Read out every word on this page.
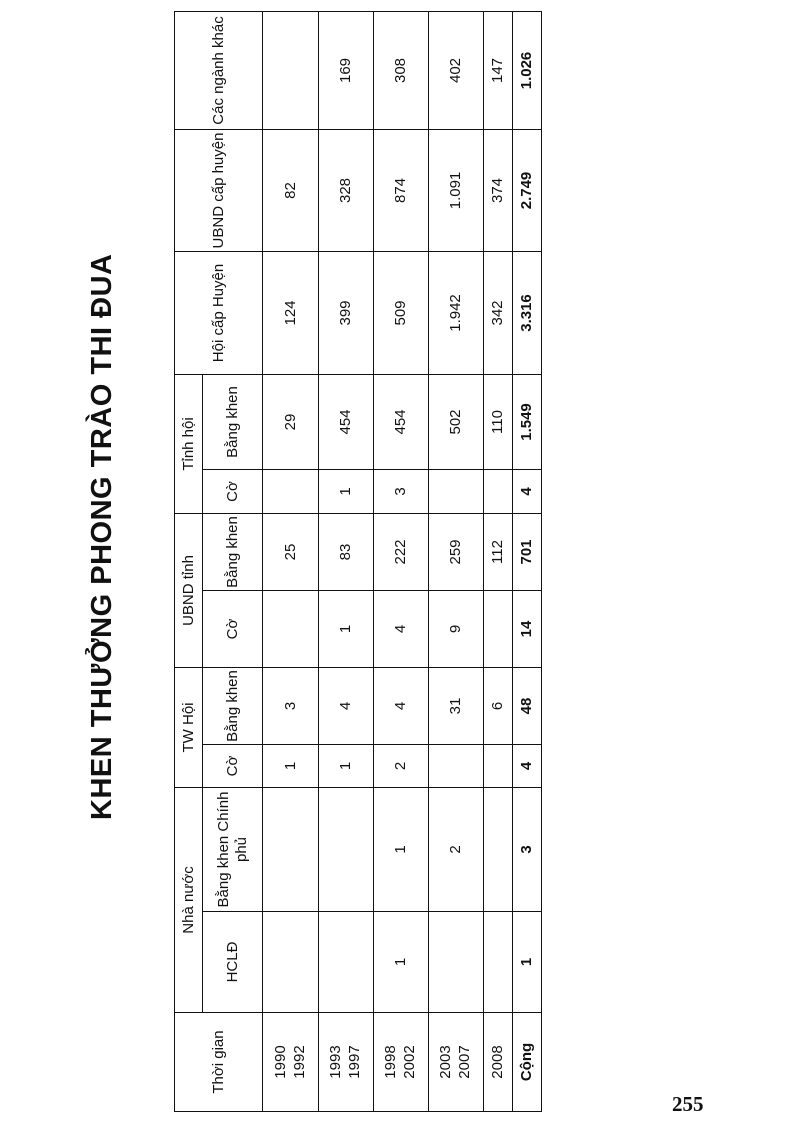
KHEN THƯỞNG PHONG TRÀO THI ĐUA
Thời gian	Nhà nước		TW Hội		UBND tỉnh		Tỉnh hội		Hội cấp Huyện	UBND cấp huyện	Các ngành khác
	HCLĐ	Bằng khen Chính phủ	Cờ	Bằng khen	Cờ	Bằng khen	Cờ	Bằng khen			

1990 1992			1	3		25		29	124	82	

1993 1997			1	4	1	83	1	454	399	328	169

1998 2002	1	1	2	4	4	222	3	454	509	874	308

2003 2007		2		31	9	259		502	1.942	1.091	402

2008				6		112		110	342	374	147
Cộng	1	3	4	48	14	701	4	1.549	3.316	2.749	1.026
255
